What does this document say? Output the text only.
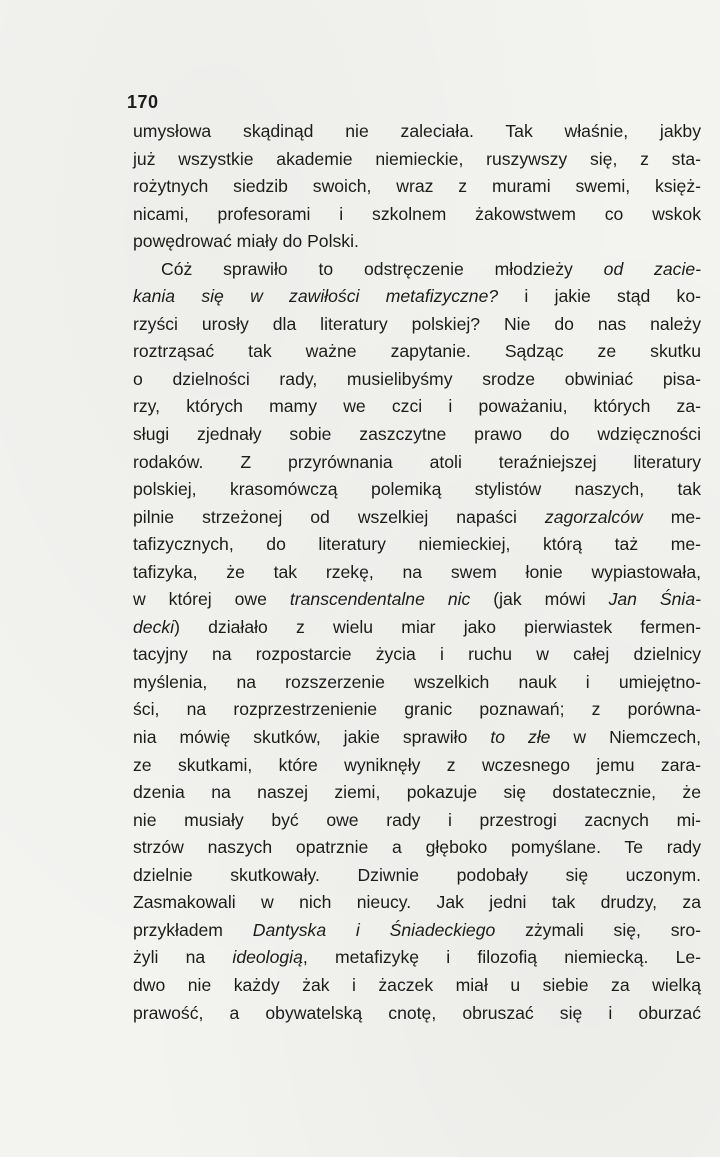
170
umysłowa skądinąd nie zaleciała. Tak właśnie, jakby
już wszystkie akademie niemieckie, ruszywszy się, z sta-
rożytnych siedzib swoich, wraz z murami swemi, księż-
nicami, profesorami i szkolnem żakowstwem co wskok
powędrować miały do Polski.
Cóż sprawiło to odstręczenie młodzieży od zacie-
kania się w zawiłości metafizyczne? i jakie stąd ko-
rzyści urosły dla literatury polskiej? Nie do nas należy
roztrząsać tak ważne zapytanie. Sądząc ze skutku
o dzielności rady, musielibyśmy srodze obwiniać pisa-
rzy, których mamy we czci i poważaniu, których za-
sługi zjednały sobie zaszczytne prawo do wdzięczności
rodaków. Z przyrównania atoli teraźniejszej literatury
polskiej, krasomówczą polemiką stylistów naszych, tak
pilnie strzeżonej od wszelkiej napaści zagorzalców me-
tafizycznych, do literatury niemieckiej, którą taż me-
tafizyka, że tak rzekę, na swem łonie wypiastowała,
w której owe transcendentalne nic (jak mówi Jan Śnia-
decki) działało z wielu miar jako pierwiastek fermen-
tacyjny na rozpostarcie życia i ruchu w całej dzielnicy
myślenia, na rozszerzenie wszelkich nauk i umiejętno-
ści, na rozprzestrzenienie granic poznawań; z porówna-
nia mówię skutków, jakie sprawiło to złe w Niemczech,
ze skutkami, które wyniknęły z wczesnego jemu zara-
dzenia na naszej ziemi, pokazuje się dostatecznie, że
nie musiały być owe rady i przestrogi zacnych mi-
strzów naszych opatrznie a głęboko pomyślane. Te rady
dzielnie skutkowały. Dziwnie podobały się uczonym.
Zasmakowali w nich nieucy. Jak jedni tak drudzy, za
przykładem Dantyska i Śniadeckiego zżymali się, sro-
żyli na ideologią, metafizykę i filozofią niemiecką. Le-
dwo nie każdy żak i żaczek miał u siebie za wielką
prawość, a obywatelską cnotę, obruszać się i oburzać
